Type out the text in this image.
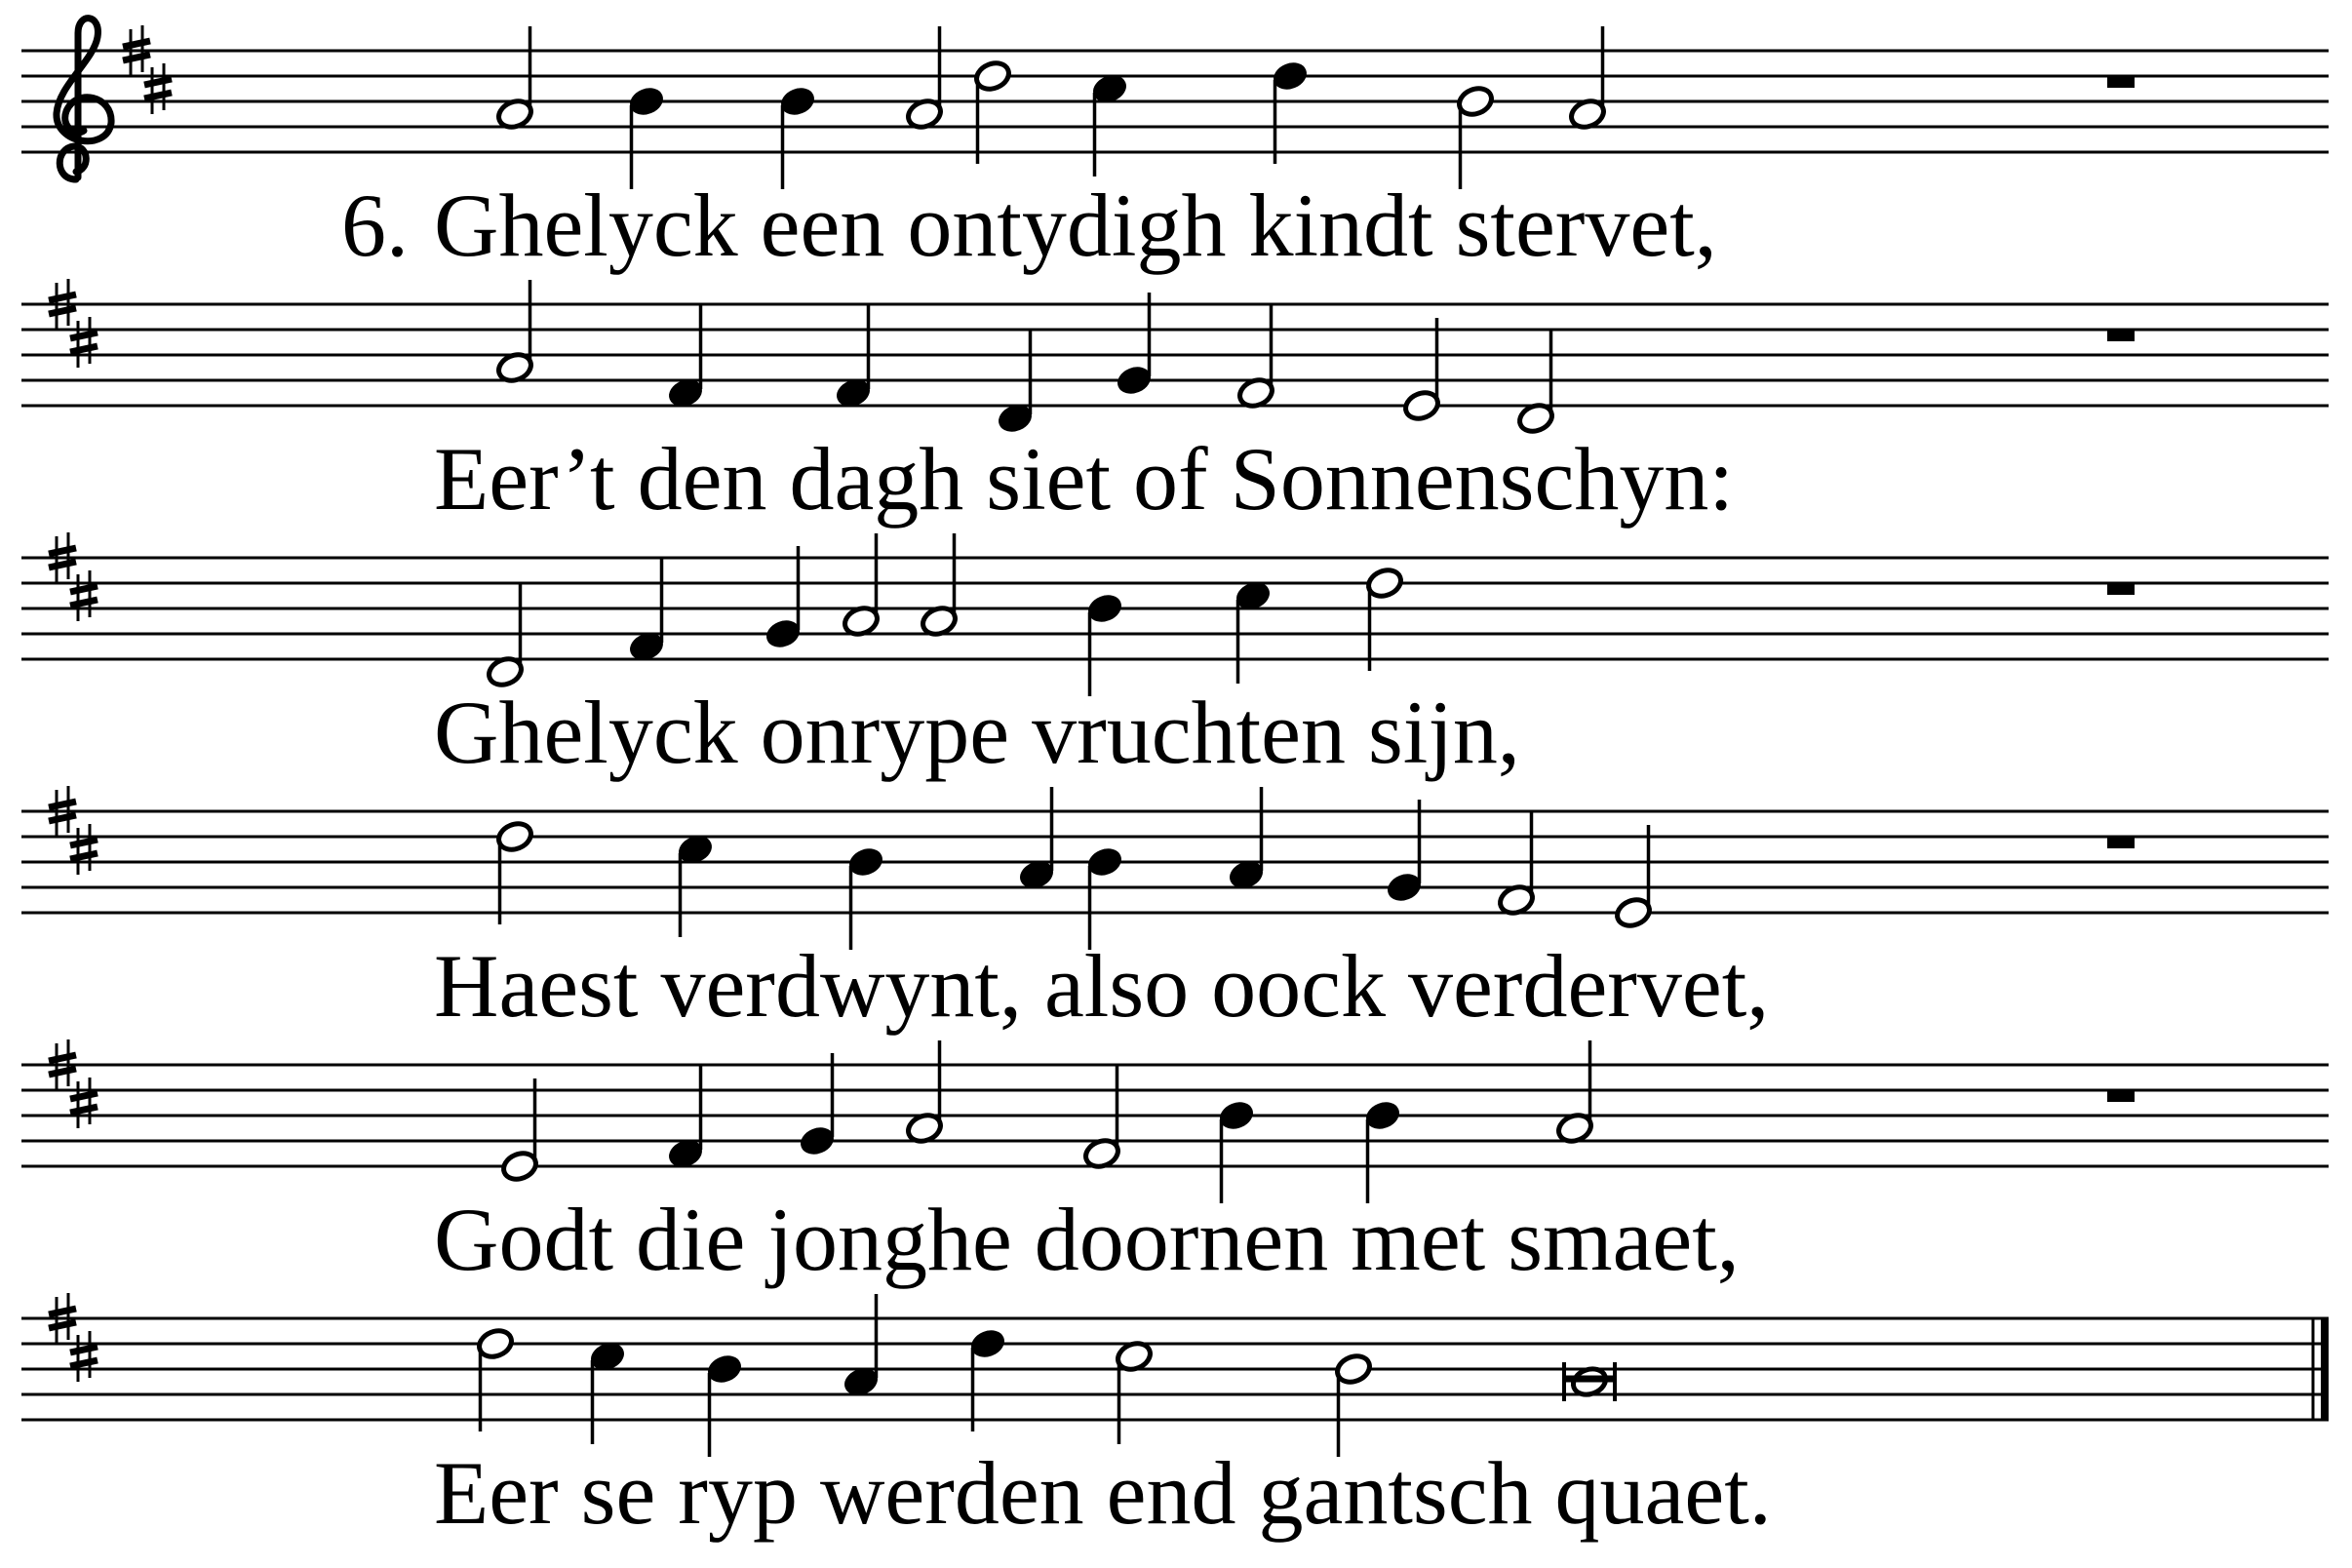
Ghelyck een ontydigh kindt stervet,
Eer’t den dagh siet of Sonnenschyn:
Ghelyck onrype vruchten sijn,
Haest verdwynt, also oock verdervet,
Godt die jonghe doornen met smaet,
Eer se ryp werden end gantsch quaet.
6.
